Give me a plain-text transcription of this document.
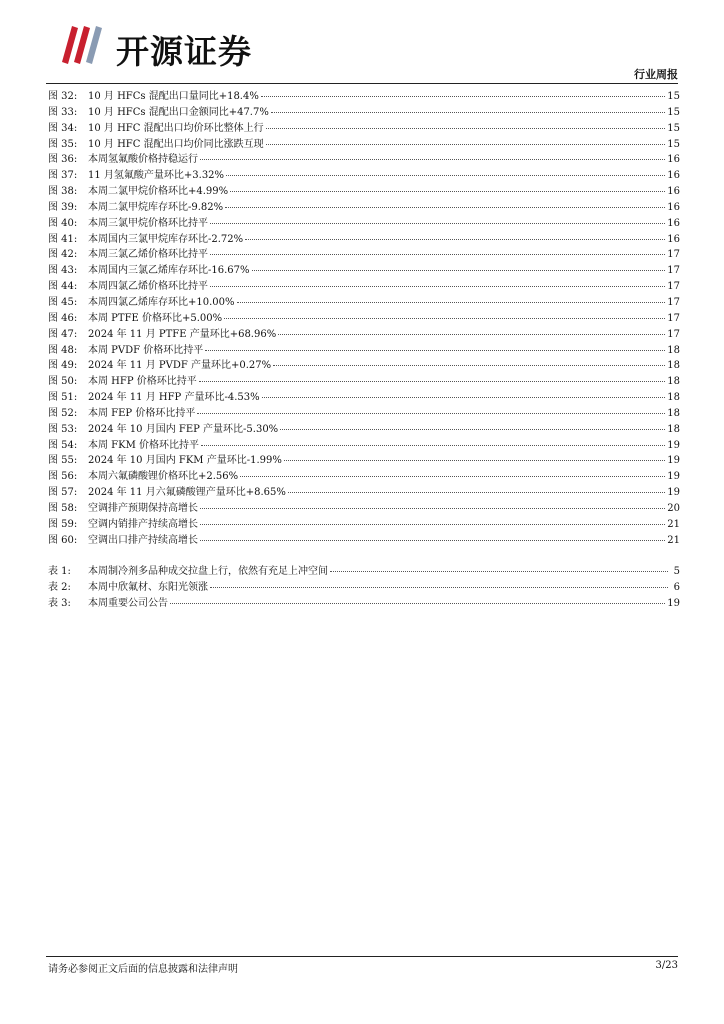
开源证券
行业周报
图 32:	10 月 HFCs 混配出口量同比+18.4%	15
图 33:	10 月 HFCs 混配出口金额同比+47.7%	15
图 34:	10 月 HFC 混配出口均价环比整体上行	15
图 35:	10 月 HFC 混配出口均价同比涨跌互现	15
图 36:	本周氢氟酸价格持稳运行	16
图 37:	11 月氢氟酸产量环比+3.32%	16
图 38:	本周二氯甲烷价格环比+4.99%	16
图 39:	本周二氯甲烷库存环比-9.82%	16
图 40:	本周三氯甲烷价格环比持平	16
图 41:	本周国内三氯甲烷库存环比-2.72%	16
图 42:	本周三氯乙烯价格环比持平	17
图 43:	本周国内三氯乙烯库存环比-16.67%	17
图 44:	本周四氯乙烯价格环比持平	17
图 45:	本周四氯乙烯库存环比+10.00%	17
图 46:	本周 PTFE 价格环比+5.00%	17
图 47:	2024 年 11 月 PTFE 产量环比+68.96%	17
图 48:	本周 PVDF 价格环比持平	18
图 49:	2024 年 11 月 PVDF 产量环比+0.27%	18
图 50:	本周 HFP 价格环比持平	18
图 51:	2024 年 11 月 HFP 产量环比-4.53%	18
图 52:	本周 FEP 价格环比持平	18
图 53:	2024 年 10 月国内 FEP 产量环比-5.30%	18
图 54:	本周 FKM 价格环比持平	19
图 55:	2024 年 10 月国内 FKM 产量环比-1.99%	19
图 56:	本周六氟磷酸锂价格环比+2.56%	19
图 57:	2024 年 11 月六氟磷酸锂产量环比+8.65%	19
图 58:	空调排产预期保持高增长	20
图 59:	空调内销排产持续高增长	21
图 60:	空调出口排产持续高增长	21
表 1:	本周制冷剂多品种成交拉盘上行，依然有充足上冲空间	5
表 2:	本周中欣氟材、东阳光领涨	6
表 3:	本周重要公司公告	19
请务必参阅正文后面的信息披露和法律声明	3/23
